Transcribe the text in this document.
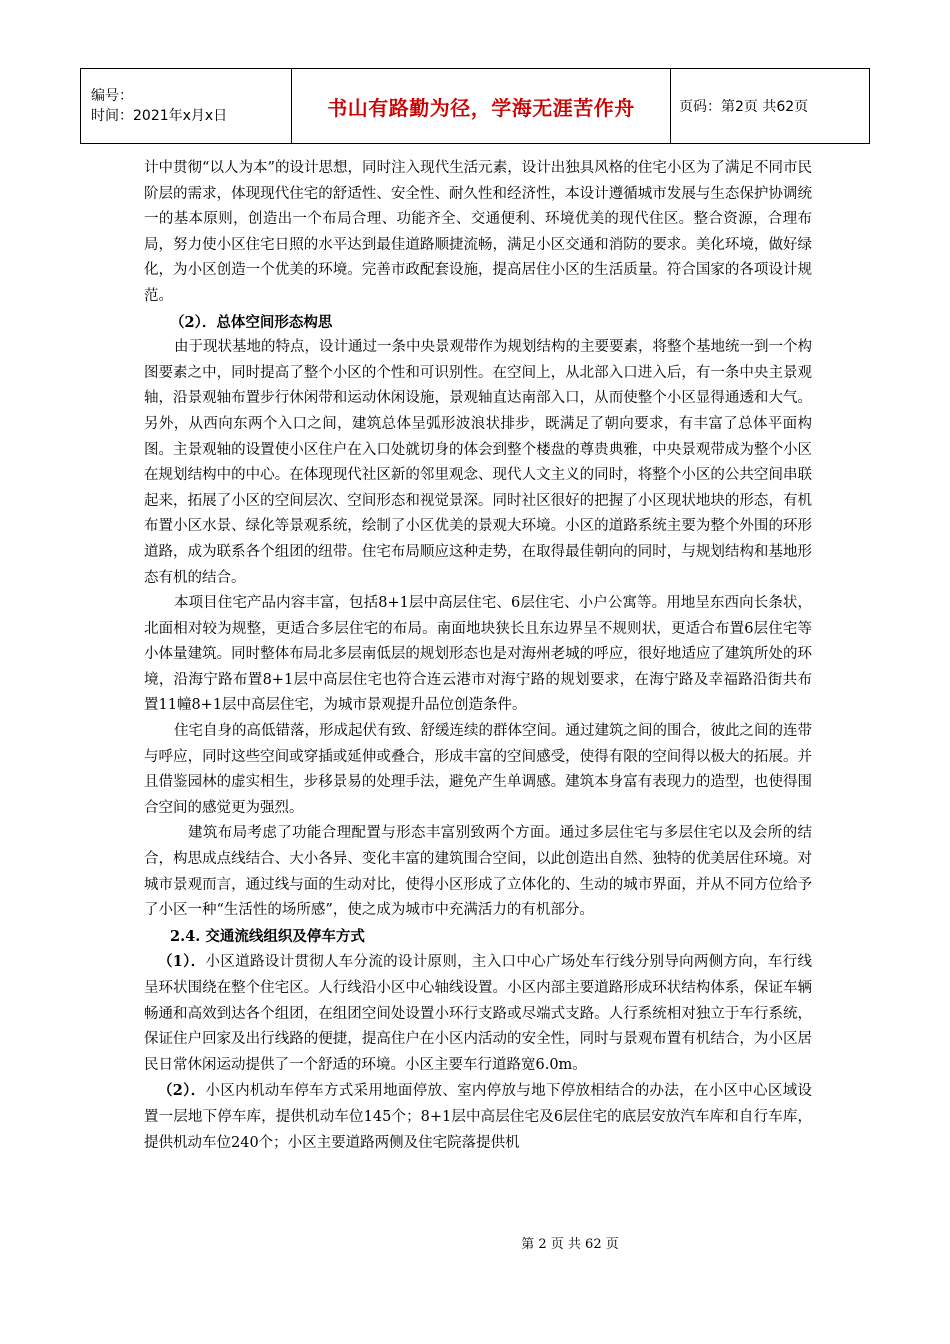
编号：
时间：2021年x月x日	书山有路勤为径，学海无涯苦作舟	页码：第2页 共62页

计中贯彻“以人为本”的设计思想，同时注入现代生活元素，设计出独具风格的住宅小区为了满足不同市民阶层的需求，体现现代住宅的舒适性、安全性、耐久性和经济性，本设计遵循城市发展与生态保护协调统一的基本原则，创造出一个布局合理、功能齐全、交通便利、环境优美的现代住区。整合资源，合理布局，努力使小区住宅日照的水平达到最佳道路顺捷流畅，满足小区交通和消防的要求。美化环境，做好绿化，为小区创造一个优美的环境。完善市政配套设施，提高居住小区的生活质量。符合国家的各项设计规范。

（2）．总体空间形态构思

由于现状基地的特点，设计通过一条中央景观带作为规划结构的主要要素，将整个基地统一到一个构图要素之中，同时提高了整个小区的个性和可识别性。在空间上，从北部入口进入后，有一条中央主景观轴，沿景观轴布置步行休闲带和运动休闲设施，景观轴直达南部入口，从而使整个小区显得通透和大气。另外，从西向东两个入口之间，建筑总体呈弧形波浪状排步，既满足了朝向要求，有丰富了总体平面构图。主景观轴的设置使小区住户在入口处就切身的体会到整个楼盘的尊贵典雅，中央景观带成为整个小区在规划结构中的中心。在体现现代社区新的邻里观念、现代人文主义的同时，将整个小区的公共空间串联起来，拓展了小区的空间层次、空间形态和视觉景深。同时社区很好的把握了小区现状地块的形态，有机布置小区水景、绿化等景观系统，绘制了小区优美的景观大环境。小区的道路系统主要为整个外围的环形道路，成为联系各个组团的纽带。住宅布局顺应这种走势，在取得最佳朝向的同时，与规划结构和基地形态有机的结合。

本项目住宅产品内容丰富，包括8+1层中高层住宅、6层住宅、小户公寓等。用地呈东西向长条状，北面相对较为规整，更适合多层住宅的布局。南面地块狭长且东边界呈不规则状，更适合布置6层住宅等小体量建筑。同时整体布局北多层南低层的规划形态也是对海州老城的呼应，很好地适应了建筑所处的环境，沿海宁路布置8+1层中高层住宅也符合连云港市对海宁路的规划要求，在海宁路及幸福路沿街共布置11幢8+1层中高层住宅，为城市景观提升品位创造条件。

住宅自身的高低错落，形成起伏有致、舒缓连续的群体空间。通过建筑之间的围合，彼此之间的连带与呼应，同时这些空间或穿插或延伸或叠合，形成丰富的空间感受，使得有限的空间得以极大的拓展。并且借鉴园林的虚实相生，步移景易的处理手法，避免产生单调感。建筑本身富有表现力的造型，也使得围合空间的感觉更为强烈。

建筑布局考虑了功能合理配置与形态丰富别致两个方面。通过多层住宅与多层住宅以及会所的结合，构思成点线结合、大小各异、变化丰富的建筑围合空间，以此创造出自然、独特的优美居住环境。对城市景观而言，通过线与面的生动对比，使得小区形成了立体化的、生动的城市界面，并从不同方位给予了小区一种“生活性的场所感”，使之成为城市中充满活力的有机部分。

2.4. 交通流线组织及停车方式

（1）．小区道路设计贯彻人车分流的设计原则，主入口中心广场处车行线分别导向两侧方向，车行线呈环状围绕在整个住宅区。人行线沿小区中心轴线设置。小区内部主要道路形成环状结构体系，保证车辆畅通和高效到达各个组团，在组团空间处设置小环行支路或尽端式支路。人行系统相对独立于车行系统，保证住户回家及出行线路的便捷，提高住户在小区内活动的安全性，同时与景观布置有机结合，为小区居民日常休闲运动提供了一个舒适的环境。小区主要车行道路宽6.0m。

（2）．小区内机动车停车方式采用地面停放、室内停放与地下停放相结合的办法，在小区中心区域设置一层地下停车库，提供机动车位145个；8+1层中高层住宅及6层住宅的底层安放汽车库和自行车库，提供机动车位240个；小区主要道路两侧及住宅院落提供机

第 2 页 共 62 页
